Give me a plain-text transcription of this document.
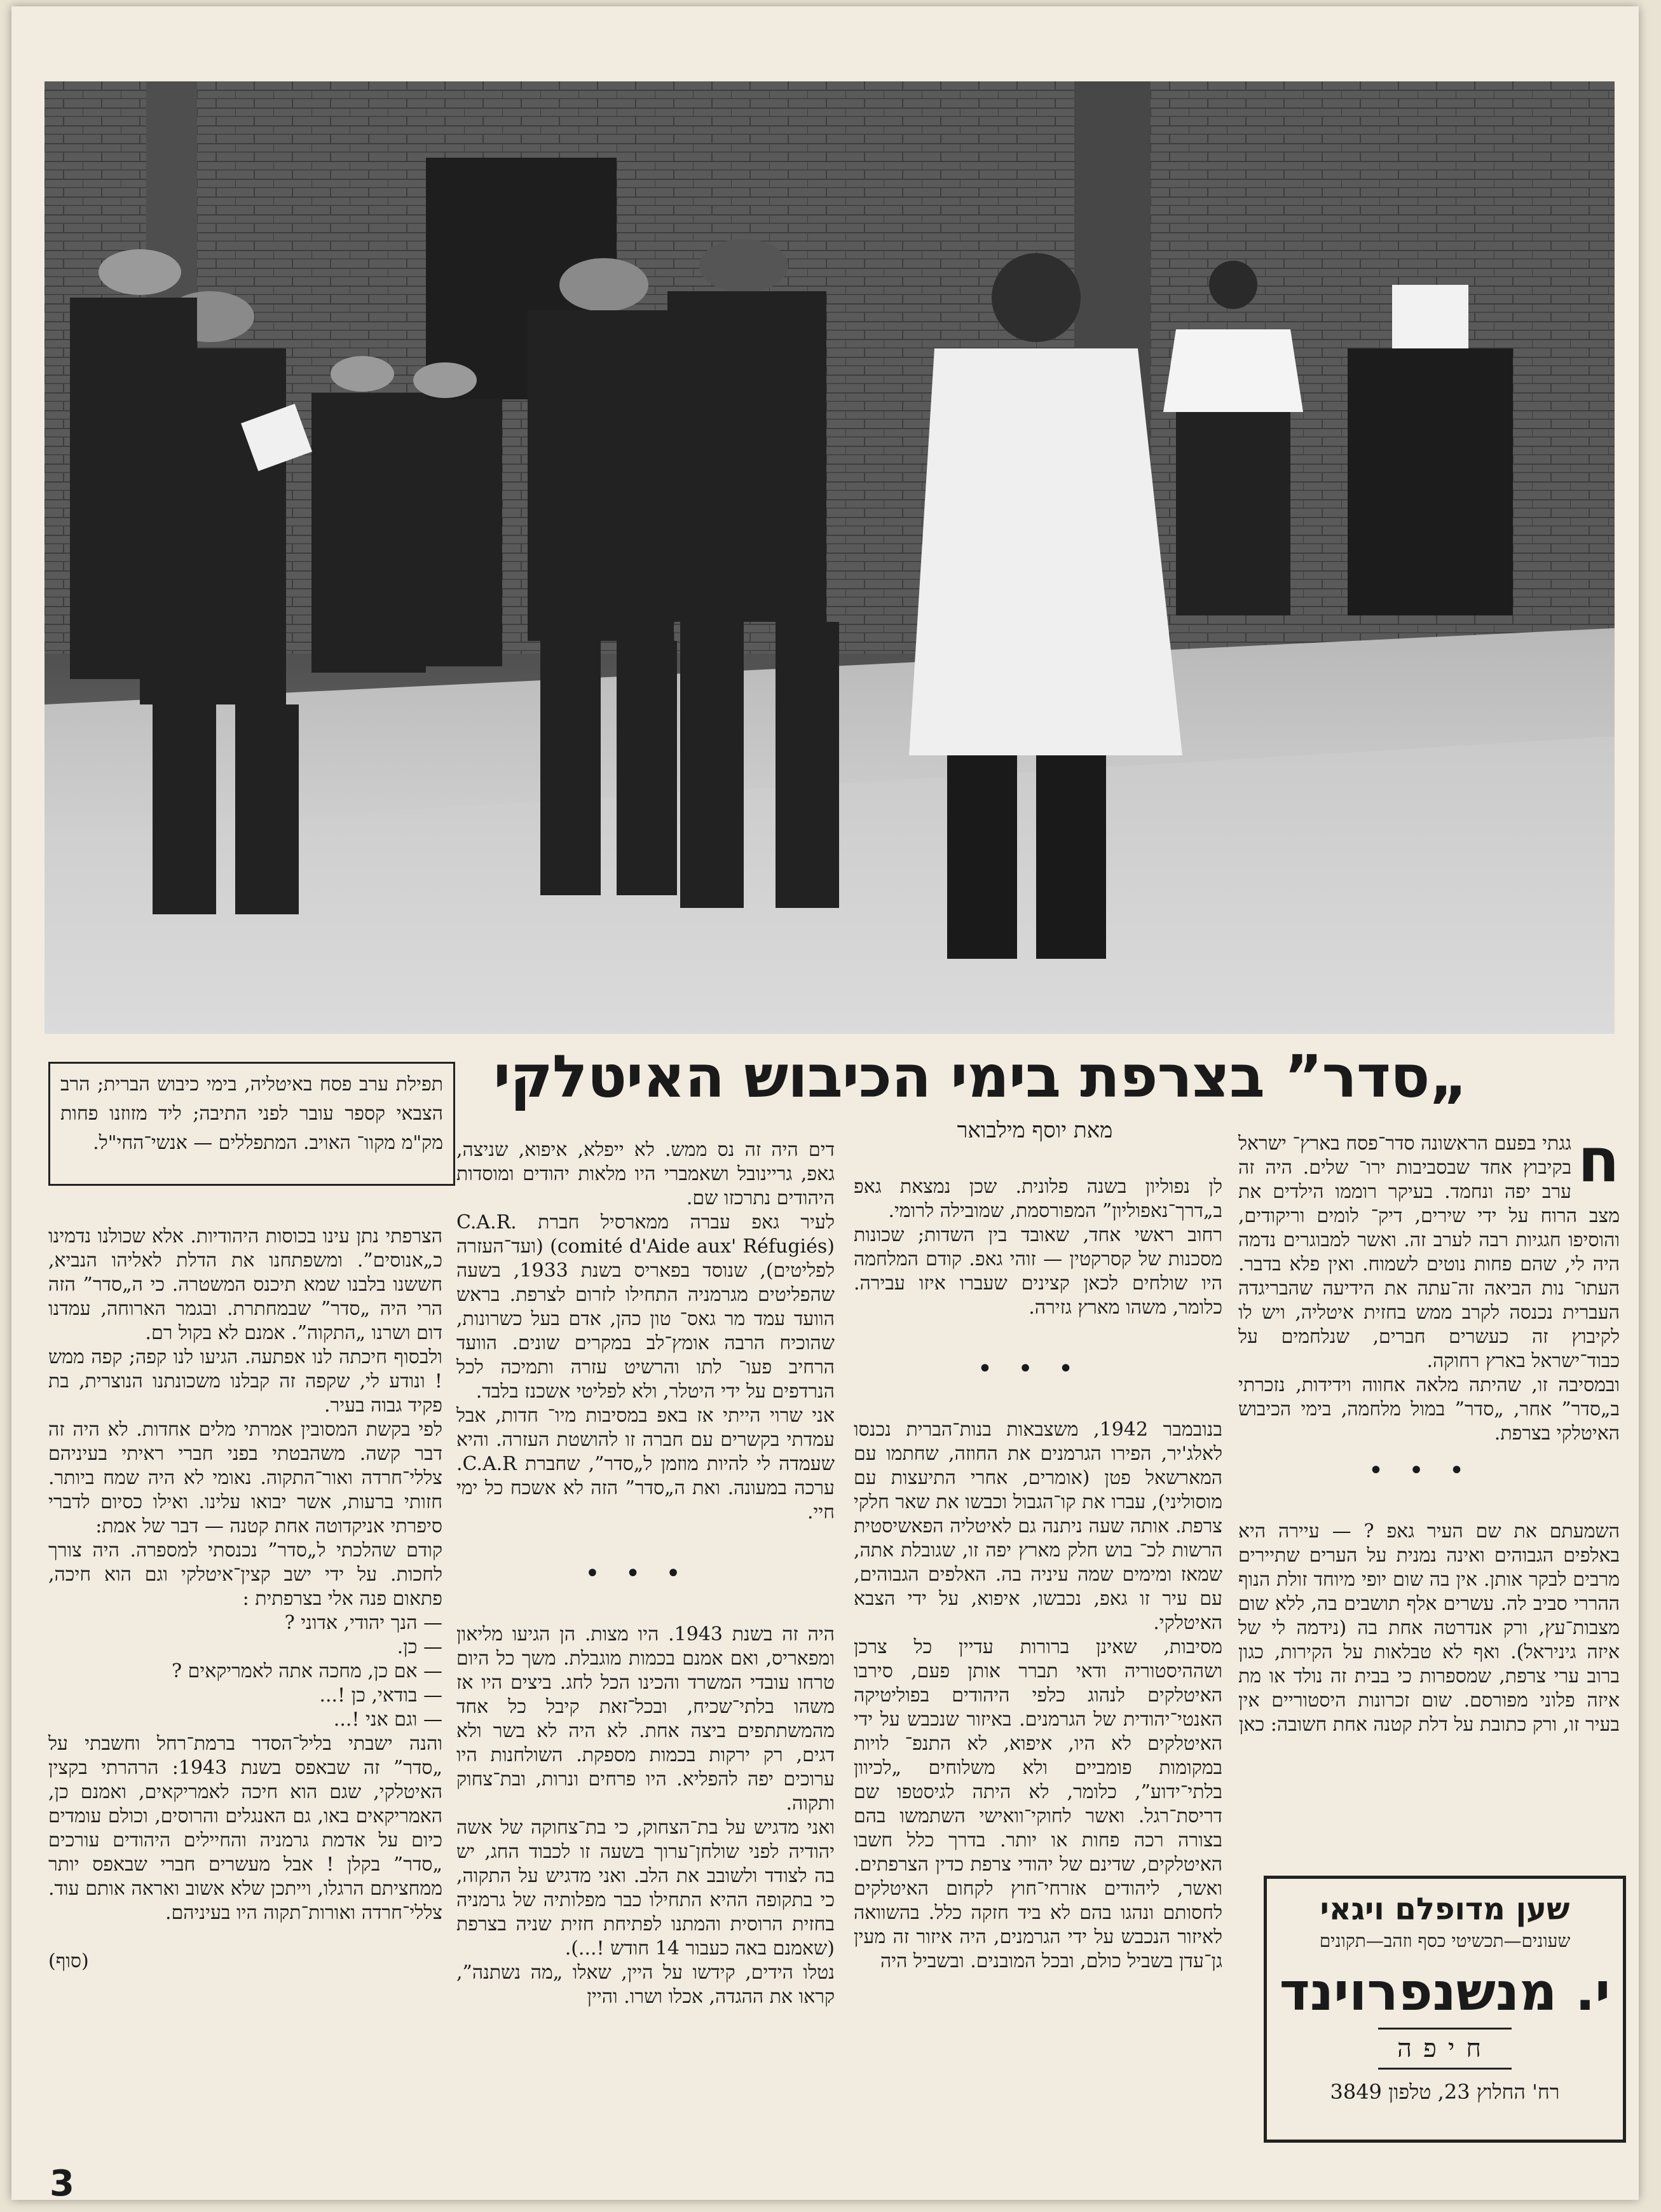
תפילת ערב פסח באיטליה, בימי כיבוש הברית; הרב הצבאי קספר עובר לפני התיבה; ליד מזוזנו פחות מק"מ מקוו־ האויב. המתפללים — אנשי־החי"ל.
„סדר” בצרפת בימי הכיבוש האיטלקי
מאת יוסף מילבואר	ח
גגתי בפעם הראשונה סדר־פסח בארץ־ ישראל בקיבוץ אחד שבסביבות ירו־ שלים. היה זה ערב יפה ונחמד. בעיקר רוממו הילדים את מצב הרוח על ידי שירים, דיק־ לומים וריקודים, והוסיפו חגגיות רבה לערב זה. ואשר למבוגרים נדמה היה לי, שהם פחות נוטים לשמוח. ואין פלא בדבר. העתו־ נות הביאה זה־עתה את הידיעה שהבריגדה העברית נכנסה לקרב ממש בחזית איטליה, ויש לו לקיבוץ זה כעשרים חברים, שנלחמים על כבוד־ישראל בארץ רחוקה.
ובמסיבה זו, שהיתה מלאה אחווה וידידות, נזכרתי ב„סדר” אחר, „סדר” במול מלחמה, בימי הכיבוש האיטלקי בצרפת.

•••

השמעתם את שם העיר גאפ ? — עיירה היא באלפים הגבוהים ואינה נמנית על הערים שתיירים מרבים לבקר אותן. אין בה שום יופי מיוחד זולת הנוף ההררי סביב לה. עשרים אלף תושבים בה, ללא שום מצבות־עץ, ורק אנדרטה אחת בה (נידמה לי של איזה גיניראל). ואף לא טבלאות על הקירות, כגון ברוב ערי צרפת, שמספרות כי בבית זה נולד או מת איזה פלוני מפורסם. שום זכרונות היסטוריים אין בעיר זו, ורק כתובת על דלת קטנה אחת חשובה: כאן

לן נפוליון בשנה פלונית. שכן נמצאת גאפ ב„דרך־נאפוליון” המפורסמת, שמובילה לרומי.
רחוב ראשי אחד, שאובד בין השדות; שכונות מסכנות של קסרקטין — זוהי גאפ. קודם המלחמה היו שולחים לכאן קצינים שעברו איזו עבירה. כלומר, משהו מארץ גזירה.

•••

בנובמבר 1942, משצבאות בנות־הברית נכנסו לאלג'יר, הפירו הגרמנים את החוזה, שחתמו עם המארשאל פטן (אומרים, אחרי התיעצות עם מוסוליני), עברו את קו־הגבול וכבשו את שאר חלקי צרפת. אותה שעה ניתנה גם לאיטליה הפאשיסטית הרשות לכ־ בוש חלק מארץ יפה זו, שגובלת אתה, שמאז ומימים שמה עיניה בה. האלפים הגבוהים, עם עיר זו גאפ, נכבשו, איפוא, על ידי הצבא האיטלקי.
מסיבות, שאינן ברורות עדיין כל צרכן ושההיסטוריה ודאי תברר אותן פעם, סירבו האיטלקים לנהוג כלפי היהודים בפוליטיקה האנטי־יהודית של הגרמנים. באיזור שנכבש על ידי האיטלקים לא היו, איפוא, לא התנפ־ לויות במקומות פומביים ולא משלוחים „לכיוון בלתי־ידוע”, כלומר, לא היתה לגיסטפו שם דריסת־רגל. ואשר לחוקי־וואישי השתמשו בהם בצורה רכה פחות או יותר. בדרך כלל חשבו האיטלקים, שדינם של יהודי צרפת כדין הצרפתים. ואשר, ליהודים אזרחי־חוץ לקחום האיטלקים לחסותם ונהגו בהם לא ביד חזקה כלל. בהשוואה לאיזור הנכבש על ידי הגרמנים, היה איזור זה מעין גן־עדן בשביל כולם, ובכל המובנים. ובשביל היה

דים היה זה נס ממש. לא ייפלא, איפוא, שניצה, גאפ, גריינובל ושאמברי היו מלאות יהודים ומוסדות היהודים נתרכזו שם.
לעיר גאפ עברה ממארסיל חברת C.A.R. (comité d'Aide aux' Réfugiés) (ועד־העזרה לפליטים), שנוסד בפאריס בשנת 1933, בשעה שהפליטים מגרמניה התחילו לזרום לצרפת. בראש הוועד עמד מר גאס־ טון כהן, אדם בעל כשרונות, שהוכיח הרבה אומץ־לב במקרים שונים. הוועד הרחיב פעו־ לתו והרשיט עזרה ותמיכה לכל הנרדפים על ידי היטלר, ולא לפליטי אשכנז בלבד.
אני שרוי הייתי אז באפ במסיבות מיו־ חדות, אבל עמדתי בקשרים עם חברה זו להושטת העזרה. והיא שעמדה לי להיות מוזמן ל„סדר”, שחברת C.A.R. ערכה במעונה. ואת ה„סדר” הזה לא אשכח כל ימי חיי.

•••

היה זה בשנת 1943. היו מצות. הן הגיעו מליאון ומפאריס, ואם אמנם בכמות מוגבלת. משך כל היום טרחו עובדי המשרד והכינו הכל לחג. ביצים היו אז משהו בלתי־שכיח, ובכל־זאת קיבל כל אחד מהמשתתפים ביצה אחת. לא היה לא בשר ולא דגים, רק ירקות בכמות מספקת. השולחנות היו ערוכים יפה להפליא. היו פרחים ונרות, ובת־צחוק ותקוה.
ואני מדגיש על בת־הצחוק, כי בת־צחוקה של אשה יהודיה לפני שולחן־ערוך בשעה זו לכבוד החג, יש בה לצודד ולשובב את הלב. ואני מדגיש על התקוה, כי בתקופה ההיא התחילו כבר מפלותיה של גרמניה בחזית הרוסית והמתנו לפתיחת חזית שניה בצרפת (שאמנם באה כעבור 14 חודש !...).
נטלו הידים, קידשו על היין, שאלו „מה נשתנה”, קראו את ההגדה, אכלו ושרו. והיין

הצרפתי נתן עינו בכוסות היהודיות. אלא שכולנו נדמינו כ„אנוסים”. ומשפתחנו את הדלת לאליהו הנביא, חששנו בלבנו שמא תיכנס המשטרה. כי ה„סדר” הזה הרי היה „סדר” שבמחתרת. ובגמר הארוחה, עמדנו דום ושרנו „התקוה”. אמנם לא בקול רם.
ולבסוף חיכתה לנו אפתעה. הגיעו לנו קפה; קפה ממש ! ונודע לי, שקפה זה קבלנו משכונתנו הנוצרית, בת פקיד גבוה בעיר.
לפי בקשת המסובין אמרתי מלים אחדות. לא היה זה דבר קשה. משהבטתי בפני חברי ראיתי בעיניהם צללי־חרדה ואור־התקוה. נאומי לא היה שמח ביותר. חזותי ברעות, אשר יבואו עלינו. ואילו כסיום לדברי סיפרתי אניקדוטה אחת קטנה — דבר של אמת:
קודם שהלכתי ל„סדר” נכנסתי למספרה. היה צורך לחכות. על ידי ישב קצין־איטלקי וגם הוא חיכה, פתאום פנה אלי בצרפתית :
— הנך יהודי, אדוני ?
— כן.
— אם כן, מחכה אתה לאמריקאים ?
— בודאי, כן !...
— וגם אני !...
והנה ישבתי בליל־הסדר ברמת־רחל וחשבתי על „סדר” זה שבאפס בשנת 1943: הרהרתי בקצין האיטלקי, שגם הוא חיכה לאמריקאים, ואמנם כן, האמריקאים באו, גם האנגלים והרוסים, וכולם עומדים כיום על אדמת גרמניה והחיילים היהודים עורכים „סדר” בקלן ! אבל מעשרים חברי שבאפס יותר ממחציתם הרגלו, וייתכן שלא אשוב ואראה אותם עוד. צללי־חרדה ואורות־תקוה היו בעיניהם.

(סוף)

שען מדופלם ויגאי
שעונים—תכשיטי כסף וזהב—תקונים
י. מנשנפרוינד
חיפה
רח' החלוץ 23, טלפון 3849
3
